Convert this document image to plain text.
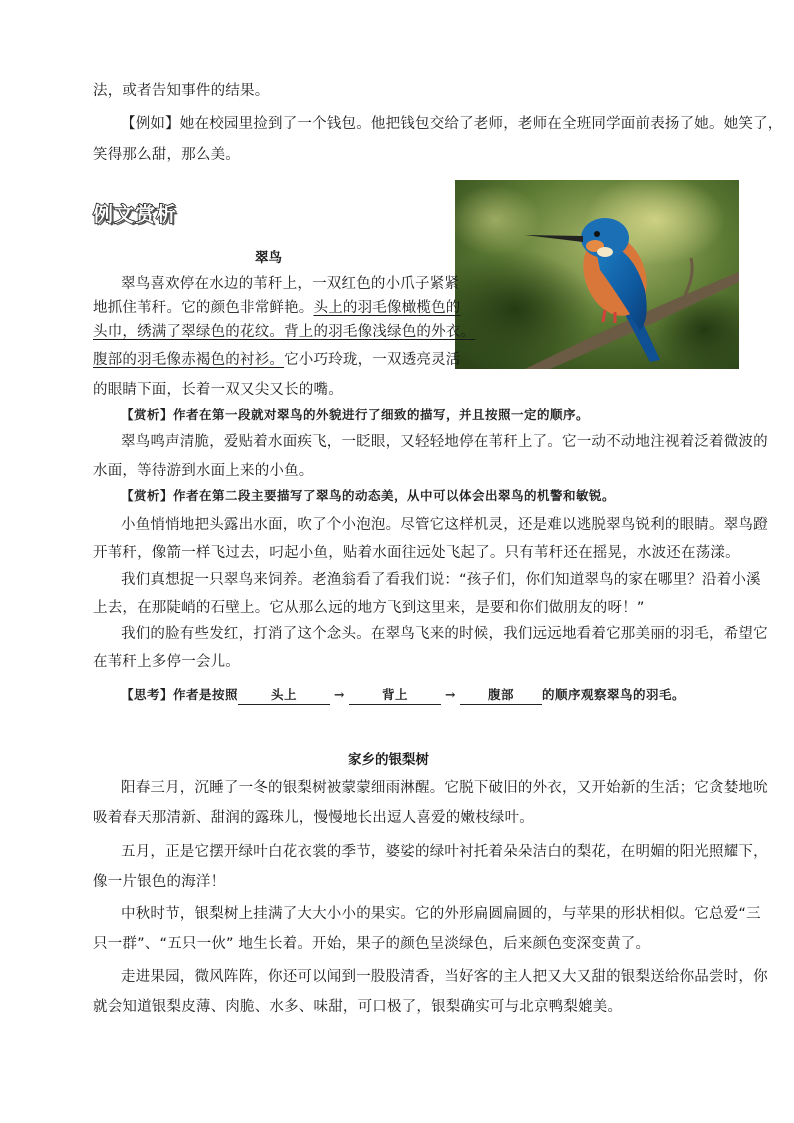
法，或者告知事件的结果。
【例如】她在校园里捡到了一个钱包。他把钱包交给了老师，老师在全班同学面前表扬了她。她笑了，
笑得那么甜，那么美。
例文赏析
翠鸟
翠鸟喜欢停在水边的苇秆上，一双红色的小爪子紧紧
地抓住苇秆。它的颜色非常鲜艳。头上的羽毛像橄榄色的
头巾，绣满了翠绿色的花纹。背上的羽毛像浅绿色的外衣。
腹部的羽毛像赤褐色的衬衫。它小巧玲珑，一双透亮灵活
的眼睛下面，长着一双又尖又长的嘴。
【赏析】作者在第一段就对翠鸟的外貌进行了细致的描写，并且按照一定的顺序。
翠鸟鸣声清脆，爱贴着水面疾飞，一眨眼，又轻轻地停在苇秆上了。它一动不动地注视着泛着微波的
水面，等待游到水面上来的小鱼。
【赏析】作者在第二段主要描写了翠鸟的动态美，从中可以体会出翠鸟的机警和敏锐。
小鱼悄悄地把头露出水面，吹了个小泡泡。尽管它这样机灵，还是难以逃脱翠鸟锐利的眼睛。翠鸟蹬
开苇秆，像箭一样飞过去，叼起小鱼，贴着水面往远处飞起了。只有苇秆还在摇晃，水波还在荡漾。
我们真想捉一只翠鸟来饲养。老渔翁看了看我们说：“孩子们，你们知道翠鸟的家在哪里？沿着小溪
上去，在那陡峭的石壁上。它从那么远的地方飞到这里来，是要和你们做朋友的呀！”
我们的脸有些发红，打消了这个念头。在翠鸟飞来的时候，我们远远地看着它那美丽的羽毛，希望它
在苇秆上多停一会儿。
【思考】作者是按照	头上	→	背上	→	腹部 的顺序观察翠鸟的羽毛。
家乡的银梨树
阳春三月，沉睡了一冬的银梨树被蒙蒙细雨淋醒。它脱下破旧的外衣，又开始新的生活；它贪婪地吮
吸着春天那清新、甜润的露珠儿，慢慢地长出逗人喜爱的嫩枝绿叶。
五月，正是它摆开绿叶白花衣裳的季节，婆娑的绿叶衬托着朵朵洁白的梨花，在明媚的阳光照耀下，
像一片银色的海洋！
中秋时节，银梨树上挂满了大大小小的果实。它的外形扁圆扁圆的，与苹果的形状相似。它总爱“三
只一群”、“五只一伙” 地生长着。开始，果子的颜色呈淡绿色，后来颜色变深变黄了。
走进果园，微风阵阵，你还可以闻到一股股清香，当好客的主人把又大又甜的银梨送给你品尝时，你
就会知道银梨皮薄、肉脆、水多、味甜，可口极了，银梨确实可与北京鸭梨媲美。
